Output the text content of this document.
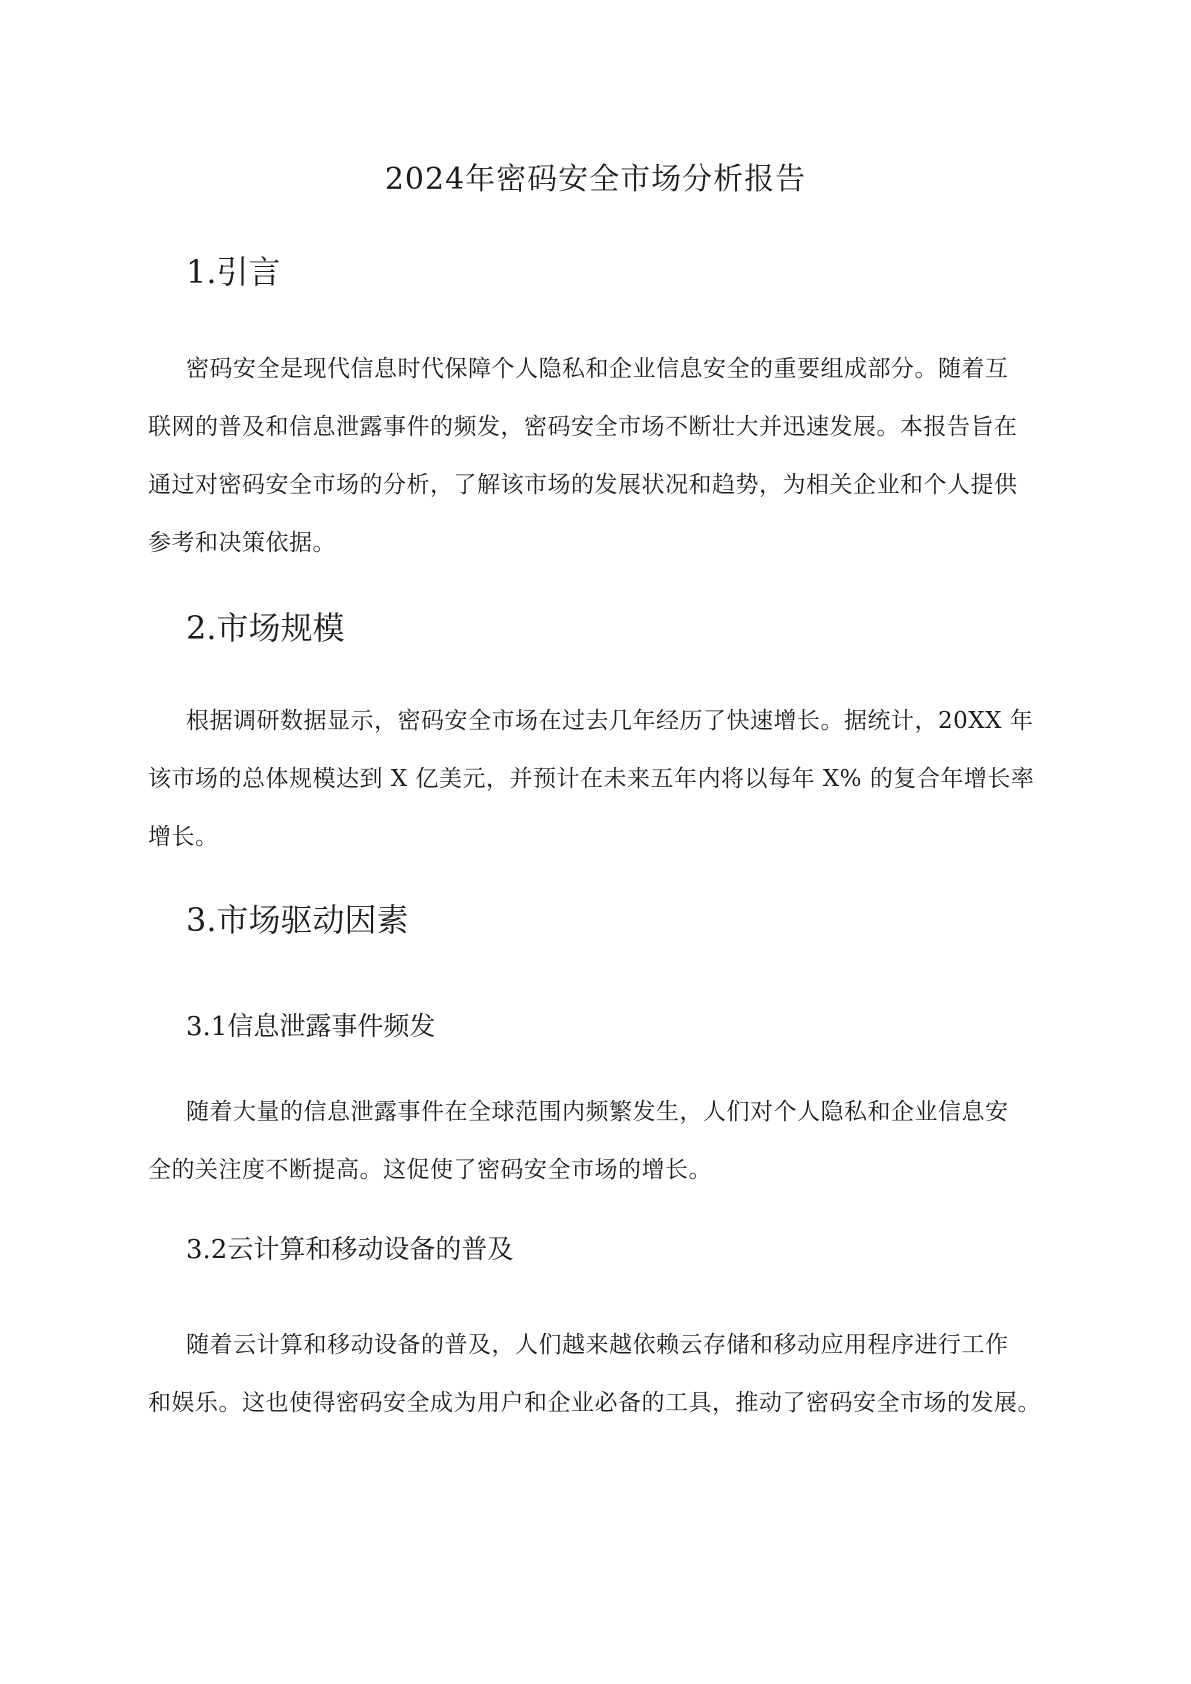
2024年密码安全市场分析报告
1.引言
密码安全是现代信息时代保障个人隐私和企业信息安全的重要组成部分。随着互
联网的普及和信息泄露事件的频发，密码安全市场不断壮大并迅速发展。本报告旨在
通过对密码安全市场的分析，了解该市场的发展状况和趋势，为相关企业和个人提供
参考和决策依据。
2.市场规模
根据调研数据显示，密码安全市场在过去几年经历了快速增长。据统计，20XX 年
该市场的总体规模达到 X 亿美元，并预计在未来五年内将以每年 X% 的复合年增长率
增长。
3.市场驱动因素
3.1信息泄露事件频发
随着大量的信息泄露事件在全球范围内频繁发生，人们对个人隐私和企业信息安
全的关注度不断提高。这促使了密码安全市场的增长。
3.2云计算和移动设备的普及
随着云计算和移动设备的普及，人们越来越依赖云存储和移动应用程序进行工作
和娱乐。这也使得密码安全成为用户和企业必备的工具，推动了密码安全市场的发展。
